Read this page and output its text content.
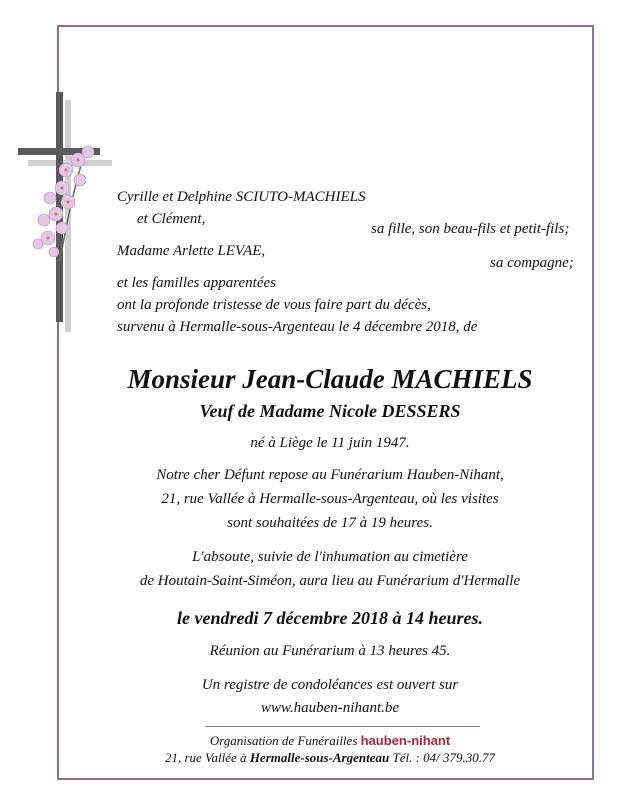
Cyrille et Delphine SCIUTO-MACHIELS
et Clément,
sa fille, son beau-fils et petit-fils;
Madame Arlette LEVAE,
sa compagne;
et les familles apparentées
ont la profonde tristesse de vous faire part du décès,
survenu à Hermalle-sous-Argenteau le 4 décembre 2018, de
Monsieur Jean-Claude MACHIELS
Veuf de Madame Nicole DESSERS
né à Liège le 11 juin 1947.
Notre cher Défunt repose au Funérarium Hauben-Nihant,
21, rue Vallée à Hermalle-sous-Argenteau, où les visites
sont souhaitées de 17 à 19 heures.
L'absoute, suivie de l'inhumation au cimetière
de Houtain-Saint-Siméon, aura lieu au Funérarium d'Hermalle
le vendredi 7 décembre 2018 à 14 heures.
Réunion au Funérarium à 13 heures 45.
Un registre de condoléances est ouvert sur
www.hauben-nihant.be
Organisation de Funérailles hauben-nihant
21, rue Vallée à Hermalle-sous-Argenteau Tél. : 04/ 379.30.77
